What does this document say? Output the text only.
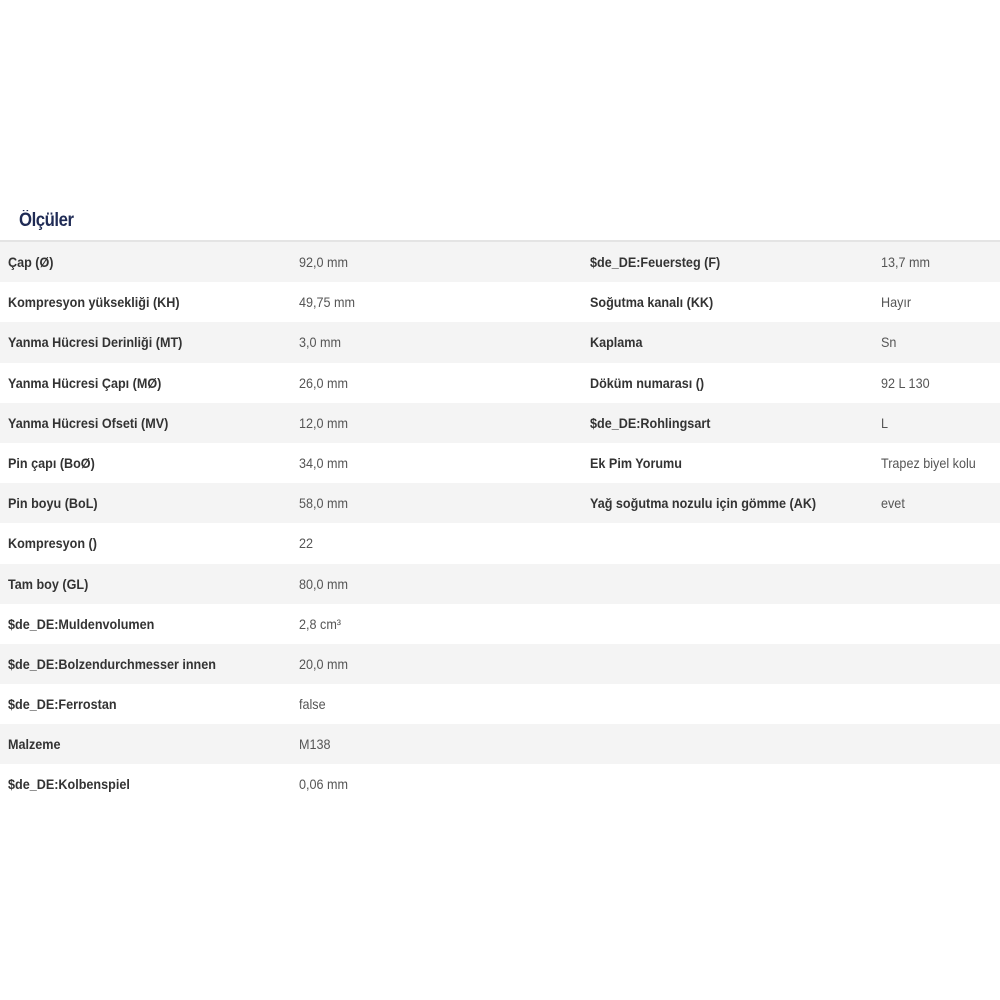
Ölçüler
Çap (Ø)	92,0 mm	$de_DE:Feuersteg (F)	13,7 mm
Kompresyon yüksekliği (KH)	49,75 mm	Soğutma kanalı (KK)	Hayır
Yanma Hücresi Derinliği (MT)	3,0 mm	Kaplama	Sn
Yanma Hücresi Çapı (MØ)	26,0 mm	Döküm numarası ()	92 L 130
Yanma Hücresi Ofseti (MV)	12,0 mm	$de_DE:Rohlingsart	L
Pin çapı (BoØ)	34,0 mm	Ek Pim Yorumu	Trapez biyel kolu
Pin boyu (BoL)	58,0 mm	Yağ soğutma nozulu için gömme (AK)	evet
Kompresyon ()	22
Tam boy (GL)	80,0 mm
$de_DE:Muldenvolumen	2,8 cm³
$de_DE:Bolzendurchmesser innen	20,0 mm
$de_DE:Ferrostan	false
Malzeme	M138
$de_DE:Kolbenspiel	0,06 mm
